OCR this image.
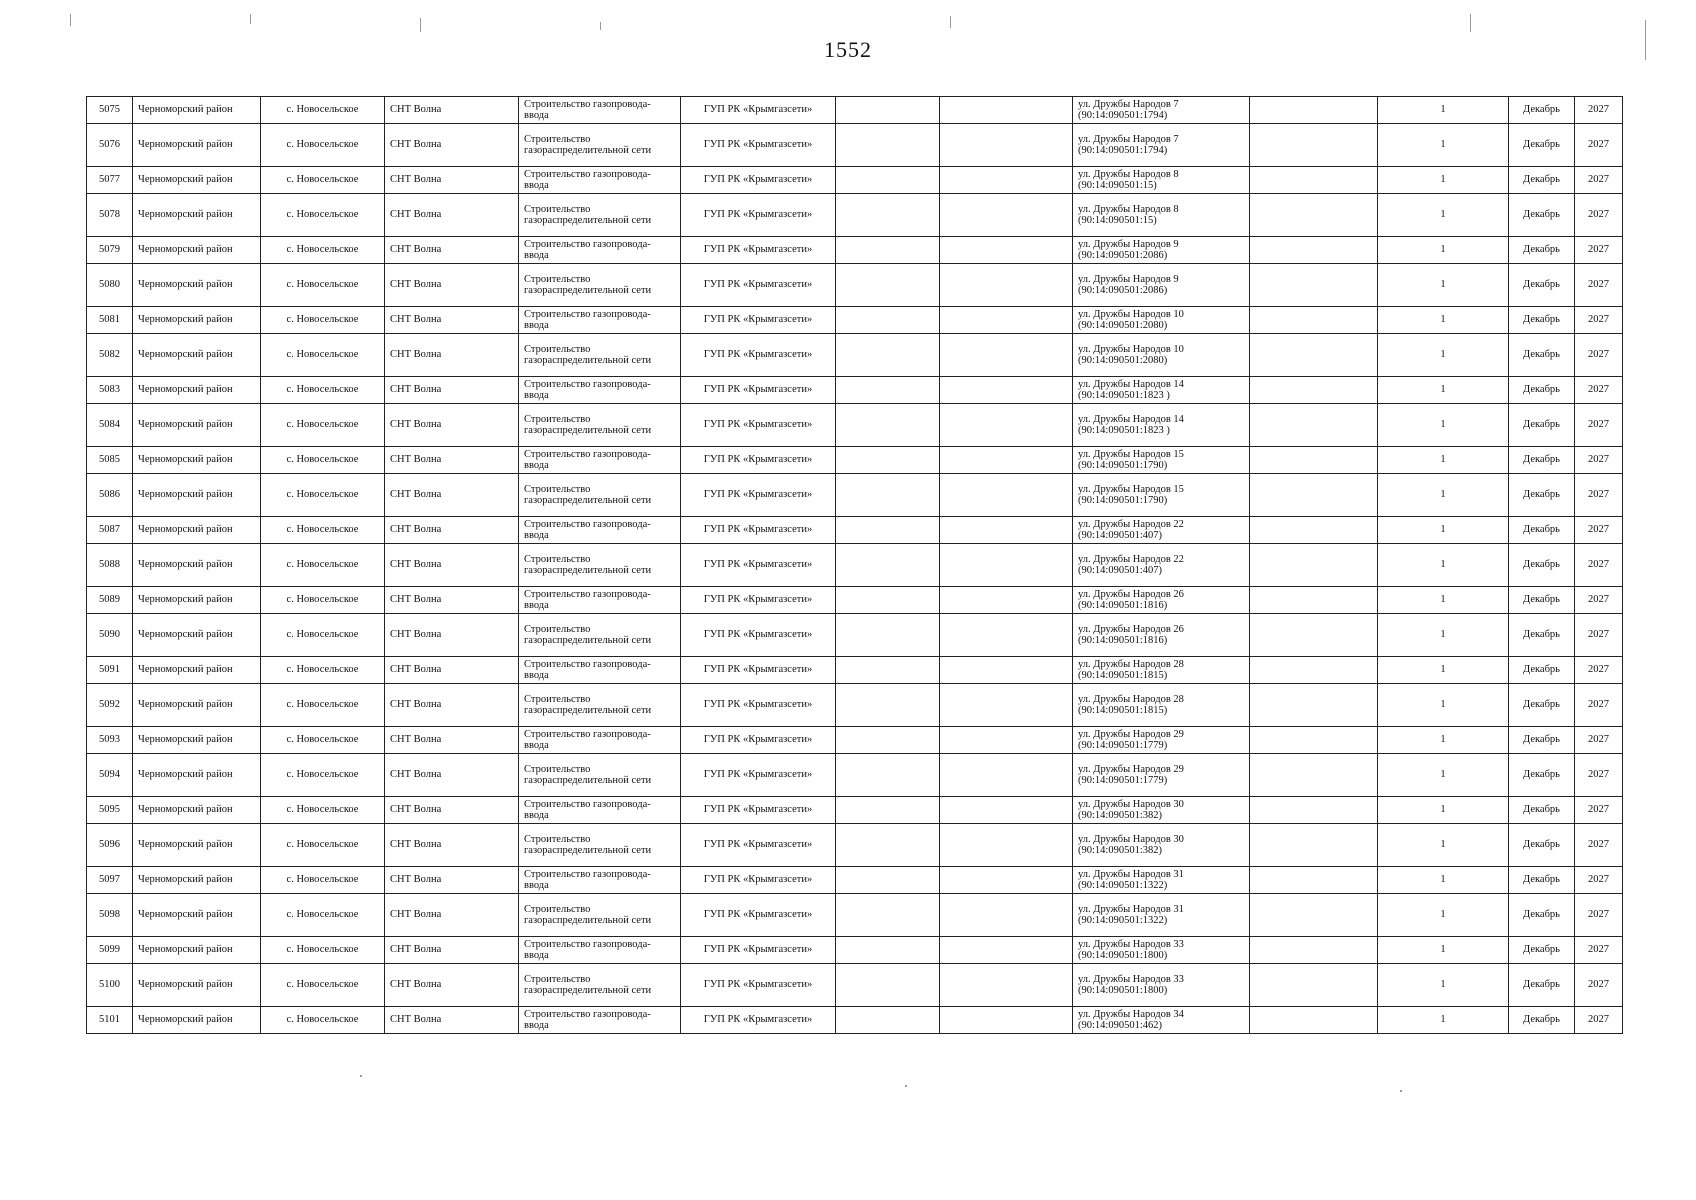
1552
5075	Черноморский район	с. Новосельское	СНТ Волна	Строительство газопровода-ввода	ГУП РК «Крымгазсети»			ул. Дружбы Народов 7 (90:14:090501:1794)		1	Декабрь	2027
5076	Черноморский район	с. Новосельское	СНТ Волна	Строительство газораспределительной сети	ГУП РК «Крымгазсети»			ул. Дружбы Народов 7 (90:14:090501:1794)		1	Декабрь	2027
5077	Черноморский район	с. Новосельское	СНТ Волна	Строительство газопровода-ввода	ГУП РК «Крымгазсети»			ул. Дружбы Народов 8 (90:14:090501:15)		1	Декабрь	2027
5078	Черноморский район	с. Новосельское	СНТ Волна	Строительство газораспределительной сети	ГУП РК «Крымгазсети»			ул. Дружбы Народов 8 (90:14:090501:15)		1	Декабрь	2027
5079	Черноморский район	с. Новосельское	СНТ Волна	Строительство газопровода-ввода	ГУП РК «Крымгазсети»			ул. Дружбы Народов 9 (90:14:090501:2086)		1	Декабрь	2027
5080	Черноморский район	с. Новосельское	СНТ Волна	Строительство газораспределительной сети	ГУП РК «Крымгазсети»			ул. Дружбы Народов 9 (90:14:090501:2086)		1	Декабрь	2027
5081	Черноморский район	с. Новосельское	СНТ Волна	Строительство газопровода-ввода	ГУП РК «Крымгазсети»			ул. Дружбы Народов 10 (90:14:090501:2080)		1	Декабрь	2027
5082	Черноморский район	с. Новосельское	СНТ Волна	Строительство газораспределительной сети	ГУП РК «Крымгазсети»			ул. Дружбы Народов 10 (90:14:090501:2080)		1	Декабрь	2027
5083	Черноморский район	с. Новосельское	СНТ Волна	Строительство газопровода-ввода	ГУП РК «Крымгазсети»			ул. Дружбы Народов 14 (90:14:090501:1823 )		1	Декабрь	2027
5084	Черноморский район	с. Новосельское	СНТ Волна	Строительство газораспределительной сети	ГУП РК «Крымгазсети»			ул. Дружбы Народов 14 (90:14:090501:1823 )		1	Декабрь	2027
5085	Черноморский район	с. Новосельское	СНТ Волна	Строительство газопровода-ввода	ГУП РК «Крымгазсети»			ул. Дружбы Народов 15 (90:14:090501:1790)		1	Декабрь	2027
5086	Черноморский район	с. Новосельское	СНТ Волна	Строительство газораспределительной сети	ГУП РК «Крымгазсети»			ул. Дружбы Народов 15 (90:14:090501:1790)		1	Декабрь	2027
5087	Черноморский район	с. Новосельское	СНТ Волна	Строительство газопровода-ввода	ГУП РК «Крымгазсети»			ул. Дружбы Народов 22 (90:14:090501:407)		1	Декабрь	2027
5088	Черноморский район	с. Новосельское	СНТ Волна	Строительство газораспределительной сети	ГУП РК «Крымгазсети»			ул. Дружбы Народов 22 (90:14:090501:407)		1	Декабрь	2027
5089	Черноморский район	с. Новосельское	СНТ Волна	Строительство газопровода-ввода	ГУП РК «Крымгазсети»			ул. Дружбы Народов 26 (90:14:090501:1816)		1	Декабрь	2027
5090	Черноморский район	с. Новосельское	СНТ Волна	Строительство газораспределительной сети	ГУП РК «Крымгазсети»			ул. Дружбы Народов 26 (90:14:090501:1816)		1	Декабрь	2027
5091	Черноморский район	с. Новосельское	СНТ Волна	Строительство газопровода-ввода	ГУП РК «Крымгазсети»			ул. Дружбы Народов 28 (90:14:090501:1815)		1	Декабрь	2027
5092	Черноморский район	с. Новосельское	СНТ Волна	Строительство газораспределительной сети	ГУП РК «Крымгазсети»			ул. Дружбы Народов 28 (90:14:090501:1815)		1	Декабрь	2027
5093	Черноморский район	с. Новосельское	СНТ Волна	Строительство газопровода-ввода	ГУП РК «Крымгазсети»			ул. Дружбы Народов 29 (90:14:090501:1779)		1	Декабрь	2027
5094	Черноморский район	с. Новосельское	СНТ Волна	Строительство газораспределительной сети	ГУП РК «Крымгазсети»			ул. Дружбы Народов 29 (90:14:090501:1779)		1	Декабрь	2027
5095	Черноморский район	с. Новосельское	СНТ Волна	Строительство газопровода-ввода	ГУП РК «Крымгазсети»			ул. Дружбы Народов 30 (90:14:090501:382)		1	Декабрь	2027
5096	Черноморский район	с. Новосельское	СНТ Волна	Строительство газораспределительной сети	ГУП РК «Крымгазсети»			ул. Дружбы Народов 30 (90:14:090501:382)		1	Декабрь	2027
5097	Черноморский район	с. Новосельское	СНТ Волна	Строительство газопровода-ввода	ГУП РК «Крымгазсети»			ул. Дружбы Народов 31 (90:14:090501:1322)		1	Декабрь	2027
5098	Черноморский район	с. Новосельское	СНТ Волна	Строительство газораспределительной сети	ГУП РК «Крымгазсети»			ул. Дружбы Народов 31 (90:14:090501:1322)		1	Декабрь	2027
5099	Черноморский район	с. Новосельское	СНТ Волна	Строительство газопровода-ввода	ГУП РК «Крымгазсети»			ул. Дружбы Народов 33 (90:14:090501:1800)		1	Декабрь	2027
5100	Черноморский район	с. Новосельское	СНТ Волна	Строительство газораспределительной сети	ГУП РК «Крымгазсети»			ул. Дружбы Народов 33 (90:14:090501:1800)		1	Декабрь	2027
5101	Черноморский район	с. Новосельское	СНТ Волна	Строительство газопровода-ввода	ГУП РК «Крымгазсети»			ул. Дружбы Народов 34 (90:14:090501:462)		1	Декабрь	2027
